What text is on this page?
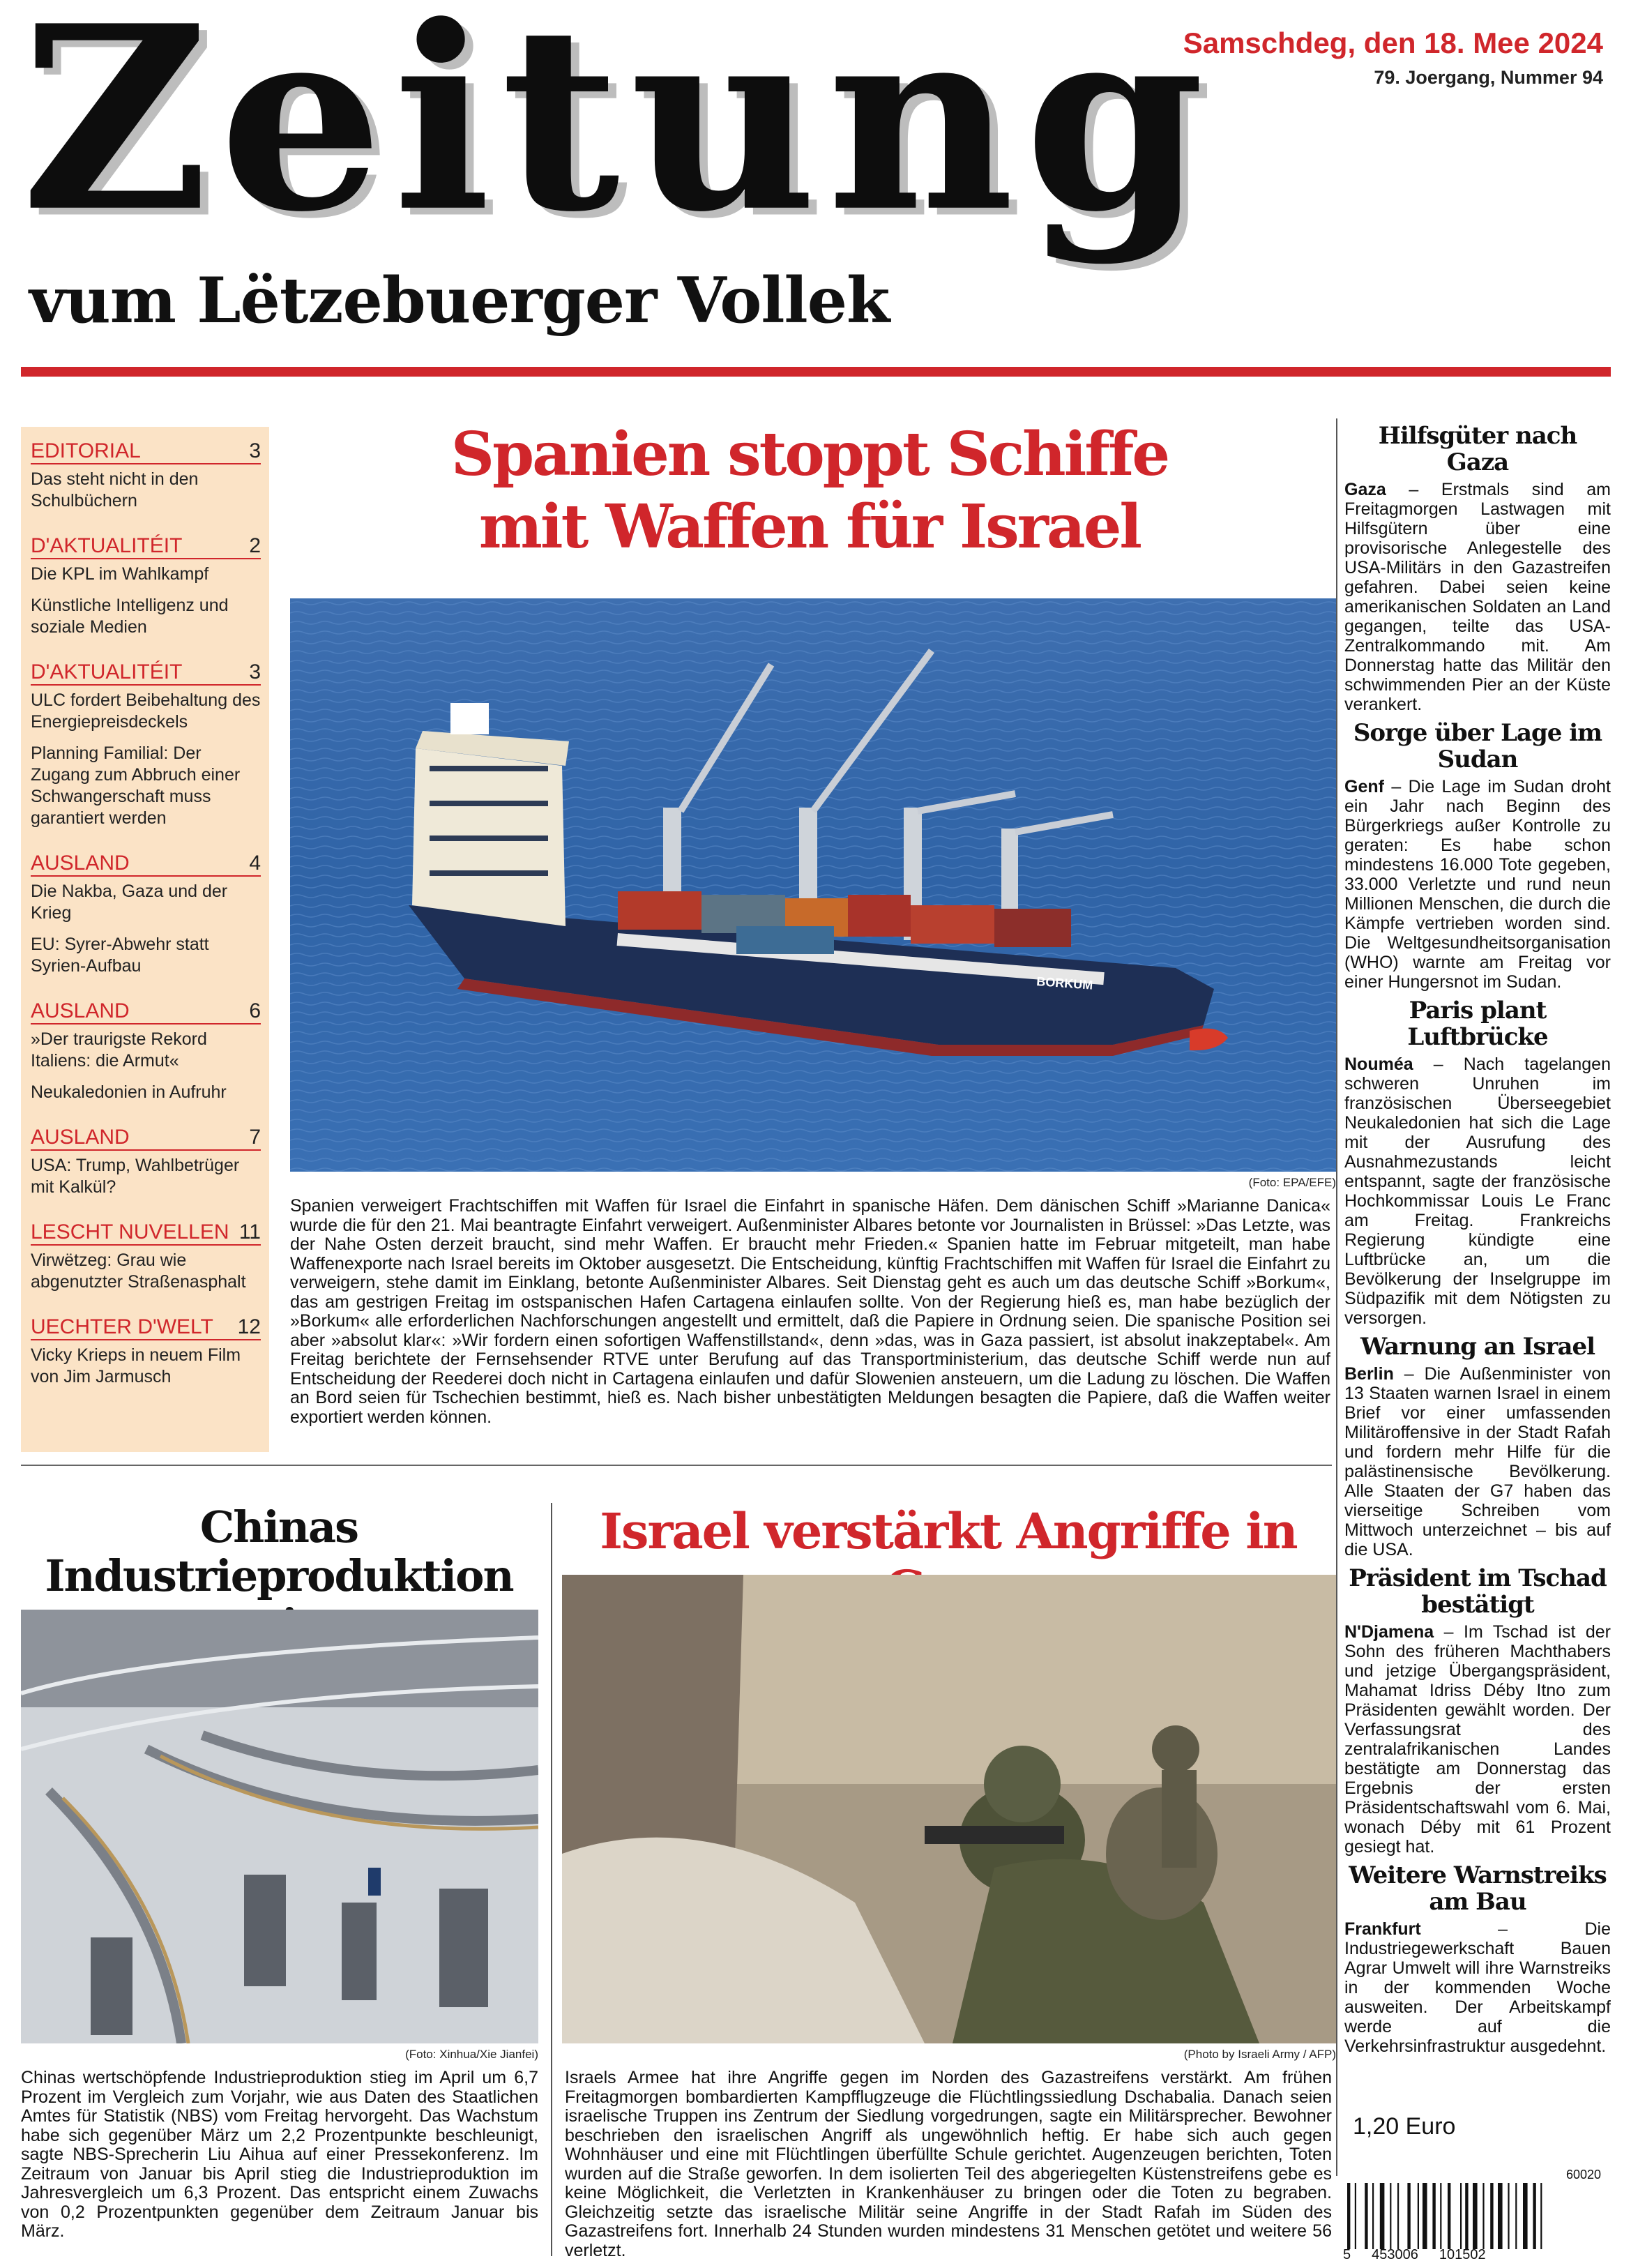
Zeitung
vum Lëtzebuerger Vollek
Samschdeg, den 18. Mee 2024
79. Joergang, Nummer 94
EDITORIAL	3
Das steht nicht in den Schulbüchern
D'AKTUALITÉIT	2
Die KPL im Wahlkampf
Künstliche Intelligenz und soziale Medien
D'AKTUALITÉIT	3
ULC fordert Beibehaltung des Energiepreisdeckels
Planning Familial: Der Zugang zum Abbruch einer Schwangerschaft muss garantiert werden
AUSLAND	4
Die Nakba, Gaza und der Krieg
EU: Syrer-Abwehr statt Syrien-Aufbau
AUSLAND	6
»Der traurigste Rekord Italiens: die Armut«
Neukaledonien in Aufruhr
AUSLAND	7
USA: Trump, Wahlbetrüger mit Kalkül?
LESCHT NUVELLEN 11
Virwëtzeg: Grau wie abgenutzter Straßenasphalt
UECHTER D'WELT 12
Vicky Krieps in neuem Film von Jim Jarmusch
Spanien stoppt Schiffe
mit Waffen für Israel
BORKUM
(Foto: EPA/EFE)
Spanien verweigert Frachtschiffen mit Waffen für Israel die Einfahrt in spanische Häfen. Dem dänischen Schiff »Marianne Danica« wurde die für den 21. Mai beantragte Einfahrt verweigert. Außenminister Albares betonte vor Journalisten in Brüssel: »Das Letzte, was der Nahe Osten derzeit braucht, sind mehr Waffen. Er braucht mehr Frieden.« Spanien hatte im Februar mitgeteilt, man habe Waffenexporte nach Israel bereits im Oktober ausgesetzt. Die Entscheidung, künftig Frachtschiffen mit Waffen für Israel die Einfahrt zu verweigern, stehe damit im Einklang, betonte Außenminister Albares. Seit Dienstag geht es auch um das deutsche Schiff »Borkum«, das am gestrigen Freitag im ostspanischen Hafen Cartagena einlaufen sollte. Von der Regierung hieß es, man habe bezüglich der »Borkum« alle erforderlichen Nachforschungen angestellt und ermittelt, daß die Papiere in Ordnung seien. Die spanische Position sei aber »absolut klar«: »Wir fordern einen sofortigen Waffenstillstand«, denn »das, was in Gaza passiert, ist absolut inakzeptabel«. Am Freitag berichtete der Fernsehsender RTVE unter Berufung auf das Transportministerium, das deutsche Schiff werde nun auf Entscheidung der Reederei doch nicht in Cartagena einlaufen und dafür Slowenien ansteuern, um die Ladung zu löschen. Die Waffen an Bord seien für Tschechien bestimmt, hieß es. Nach bisher unbestätigten Meldungen besagten die Papiere, daß die Waffen weiter exportiert werden können.
Hilfsgüter nach Gaza
Gaza – Erstmals sind am Freitagmorgen Lastwagen mit Hilfsgütern über eine provisorische Anlegestelle des USA-Militärs in den Gazastreifen gefahren. Dabei seien keine amerikanischen Soldaten an Land gegangen, teilte das USA-Zentralkommando mit. Am Donnerstag hatte das Militär den schwimmenden Pier an der Küste verankert.
Sorge über Lage im Sudan
Genf – Die Lage im Sudan droht ein Jahr nach Beginn des Bürgerkriegs außer Kontrolle zu geraten: Es habe schon mindestens 16.000 Tote gegeben, 33.000 Verletzte und rund neun Millionen Menschen, die durch die Kämpfe vertrieben worden sind. Die Weltgesundheitsorganisation (WHO) warnte am Freitag vor einer Hungersnot im Sudan.
Paris plant Luftbrücke
Nouméa – Nach tagelangen schweren Unruhen im französischen Überseegebiet Neukaledonien hat sich die Lage mit der Ausrufung des Ausnahmezustands leicht entspannt, sagte der französische Hochkommissar Louis Le Franc am Freitag. Frankreichs Regierung kündigte eine Luftbrücke an, um die Bevölkerung der Inselgruppe im Südpazifik mit dem Nötigsten zu versorgen.
Warnung an Israel
Berlin – Die Außenminister von 13 Staaten warnen Israel in einem Brief vor einer umfassenden Militäroffensive in der Stadt Rafah und fordern mehr Hilfe für die palästinensische Bevölkerung. Alle Staaten der G7 haben das vierseitige Schreiben vom Mittwoch unterzeichnet – bis auf die USA.
Präsident im Tschad bestätigt
N'Djamena – Im Tschad ist der Sohn des früheren Machthabers und jetzige Übergangspräsident, Mahamat Idriss Déby Itno zum Präsidenten gewählt worden. Der Verfassungsrat des zentralafrikanischen Landes bestätigte am Donnerstag das Ergebnis der ersten Präsidentschaftswahl vom 6. Mai, wonach Déby mit 61 Prozent gesiegt hat.
Weitere Warnstreiks am Bau
Frankfurt – Die Industriegewerkschaft Bauen Agrar Umwelt will ihre Warnstreiks in der kommenden Woche ausweiten. Der Arbeitskampf werde auf die Verkehrsinfrastruktur ausgedehnt.
Chinas
Industrieproduktion
(Foto: Xinhua/Xie Jianfei)
Chinas wertschöpfende Industrieproduktion stieg im April um 6,7 Prozent im Vergleich zum Vorjahr, wie aus Daten des Staatlichen Amtes für Statistik (NBS) vom Freitag hervorgeht. Das Wachstum habe sich gegenüber März um 2,2 Prozentpunkte beschleunigt, sagte NBS-Sprecherin Liu Aihua auf einer Pressekonferenz. Im Zeitraum von Januar bis April stieg die Industrieproduktion im Jahresvergleich um 6,3 Prozent. Das entspricht einem Zuwachs von 0,2 Prozentpunkten gegenüber dem Zeitraum Januar bis März.
Israel verstärkt Angriffe in
(Photo by Israeli Army / AFP)
Israels Armee hat ihre Angriffe gegen im Norden des Gazastreifens verstärkt. Am frühen Freitagmorgen bombardierten Kampfflugzeuge die Flüchtlingssiedlung Dschabalia. Danach seien israelische Truppen ins Zentrum der Siedlung vorgedrungen, sagte ein Militärsprecher. Bewohner beschrieben den israelischen Angriff als ungewöhnlich heftig. Er habe sich auch gegen Wohnhäuser und eine mit Flüchtlingen überfüllte Schule gerichtet. Augenzeugen berichten, Toten wurden auf die Straße geworfen. In dem isolierten Teil des abgeriegelten Küstenstreifens gebe es keine Möglichkeit, die Verletzten in Krankenhäuser zu bringen oder die Toten zu begraben. Gleichzeitig setzte das israelische Militär seine Angriffe in der Stadt Rafah im Süden des Gazastreifens fort. Innerhalb 24 Stunden wurden mindestens 31 Menschen getötet und weitere 56 verletzt.
1,20 Euro
60020
5 453006 101502
